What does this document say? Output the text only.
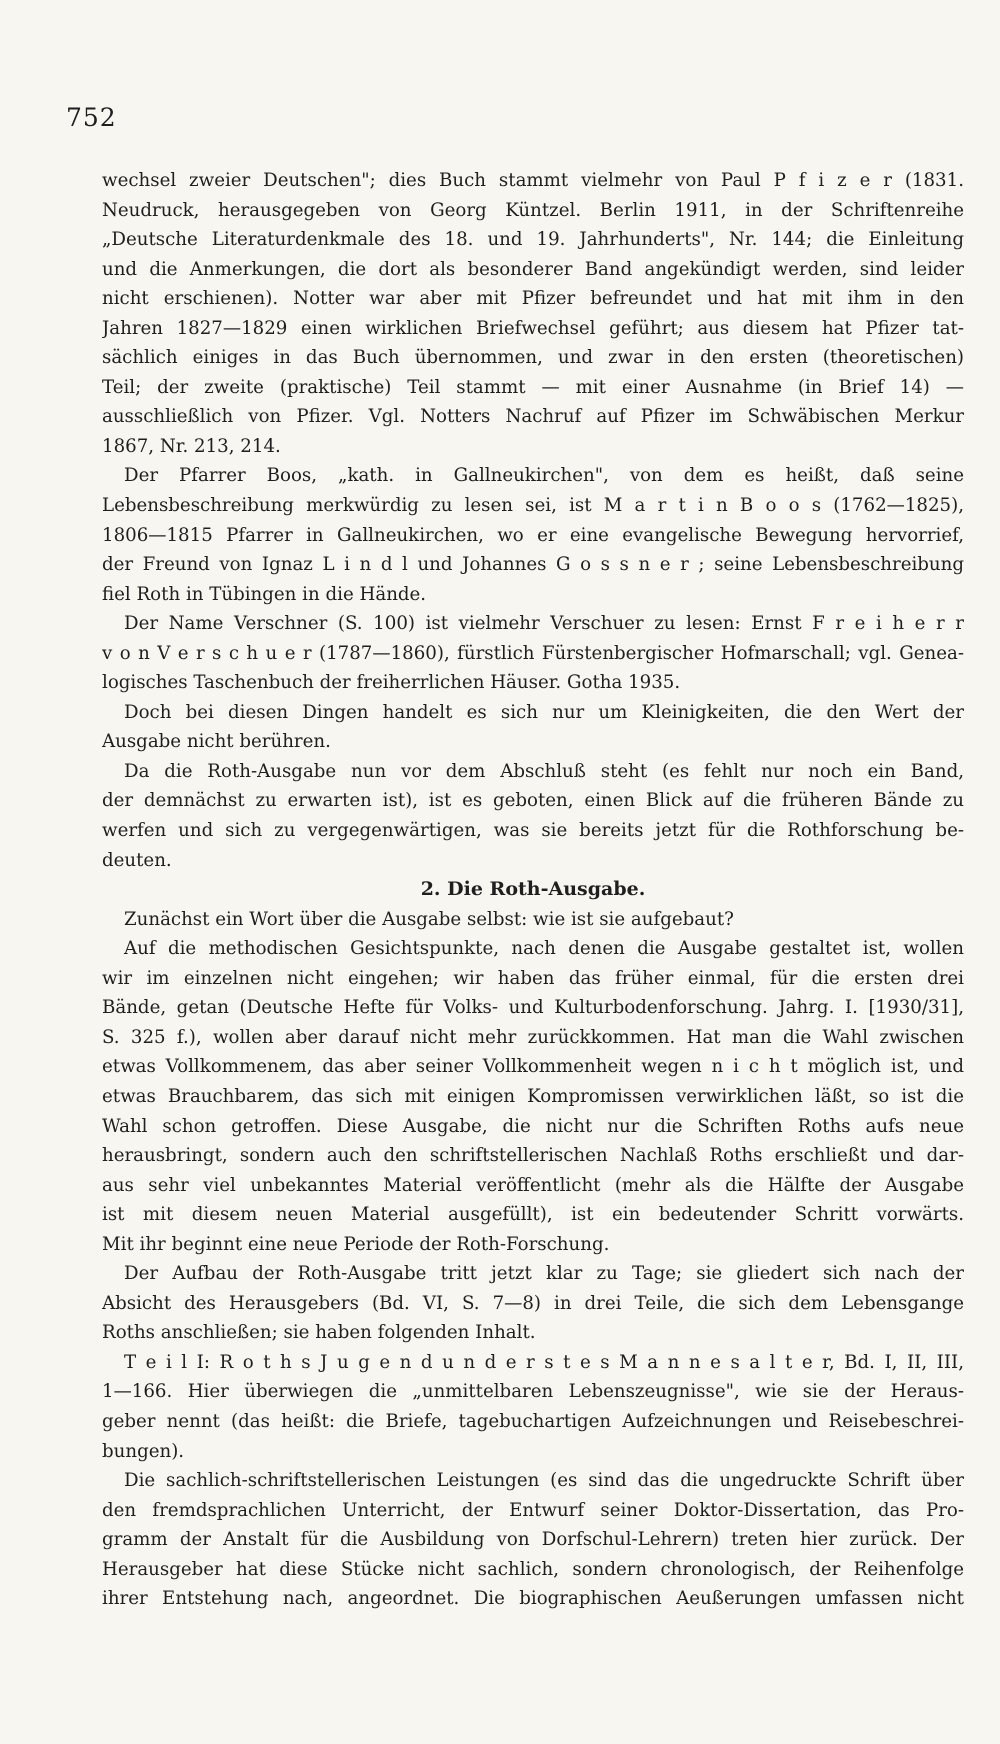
752
wechsel zweier Deutschen"; dies Buch stammt vielmehr von Paul P f i z e r (1831.
Neudruck, herausgegeben von Georg Küntzel. Berlin 1911, in der Schriftenreihe
„Deutsche Literaturdenkmale des 18. und 19. Jahrhunderts", Nr. 144; die Einleitung
und die Anmerkungen, die dort als besonderer Band angekündigt werden, sind leider
nicht erschienen). Notter war aber mit Pfizer befreundet und hat mit ihm in den
Jahren 1827—1829 einen wirklichen Briefwechsel geführt; aus diesem hat Pfizer tat-
sächlich einiges in das Buch übernommen, und zwar in den ersten (theoretischen)
Teil; der zweite (praktische) Teil stammt — mit einer Ausnahme (in Brief 14) —
ausschließlich von Pfizer. Vgl. Notters Nachruf auf Pfizer im Schwäbischen Merkur
1867, Nr. 213, 214.
Der Pfarrer Boos, „kath. in Gallneukirchen", von dem es heißt, daß seine
Lebensbeschreibung merkwürdig zu lesen sei, ist M a r t i n B o o s (1762—1825),
1806—1815 Pfarrer in Gallneukirchen, wo er eine evangelische Bewegung hervorrief,
der Freund von Ignaz L i n d l und Johannes G o s s n e r ; seine Lebensbeschreibung
fiel Roth in Tübingen in die Hände.
Der Name Verschner (S. 100) ist vielmehr Verschuer zu lesen: Ernst F r e i h e r r
v o n V e r s c h u e r (1787—1860), fürstlich Fürstenbergischer Hofmarschall; vgl. Genea-
logisches Taschenbuch der freiherrlichen Häuser. Gotha 1935.
Doch bei diesen Dingen handelt es sich nur um Kleinigkeiten, die den Wert der
Ausgabe nicht berühren.
Da die Roth-Ausgabe nun vor dem Abschluß steht (es fehlt nur noch ein Band,
der demnächst zu erwarten ist), ist es geboten, einen Blick auf die früheren Bände zu
werfen und sich zu vergegenwärtigen, was sie bereits jetzt für die Rothforschung be-
deuten.
2. Die Roth-Ausgabe.
Zunächst ein Wort über die Ausgabe selbst: wie ist sie aufgebaut?
Auf die methodischen Gesichtspunkte, nach denen die Ausgabe gestaltet ist, wollen
wir im einzelnen nicht eingehen; wir haben das früher einmal, für die ersten drei
Bände, getan (Deutsche Hefte für Volks- und Kulturbodenforschung. Jahrg. I. [1930/31],
S. 325 f.), wollen aber darauf nicht mehr zurückkommen. Hat man die Wahl zwischen
etwas Vollkommenem, das aber seiner Vollkommenheit wegen n i c h t möglich ist, und
etwas Brauchbarem, das sich mit einigen Kompromissen verwirklichen läßt, so ist die
Wahl schon getroffen. Diese Ausgabe, die nicht nur die Schriften Roths aufs neue
herausbringt, sondern auch den schriftstellerischen Nachlaß Roths erschließt und dar-
aus sehr viel unbekanntes Material veröffentlicht (mehr als die Hälfte der Ausgabe
ist mit diesem neuen Material ausgefüllt), ist ein bedeutender Schritt vorwärts.
Mit ihr beginnt eine neue Periode der Roth-Forschung.
Der Aufbau der Roth-Ausgabe tritt jetzt klar zu Tage; sie gliedert sich nach der
Absicht des Herausgebers (Bd. VI, S. 7—8) in drei Teile, die sich dem Lebensgange
Roths anschließen; sie haben folgenden Inhalt.
T e i l I: R o t h s J u g e n d u n d e r s t e s M a n n e s a l t e r, Bd. I, II, III,
1—166. Hier überwiegen die „unmittelbaren Lebenszeugnisse", wie sie der Heraus-
geber nennt (das heißt: die Briefe, tagebuchartigen Aufzeichnungen und Reisebeschrei-
bungen).
Die sachlich-schriftstellerischen Leistungen (es sind das die ungedruckte Schrift über
den fremdsprachlichen Unterricht, der Entwurf seiner Doktor-Dissertation, das Pro-
gramm der Anstalt für die Ausbildung von Dorfschul-Lehrern) treten hier zurück. Der
Herausgeber hat diese Stücke nicht sachlich, sondern chronologisch, der Reihenfolge
ihrer Entstehung nach, angeordnet. Die biographischen Aeußerungen umfassen nicht
